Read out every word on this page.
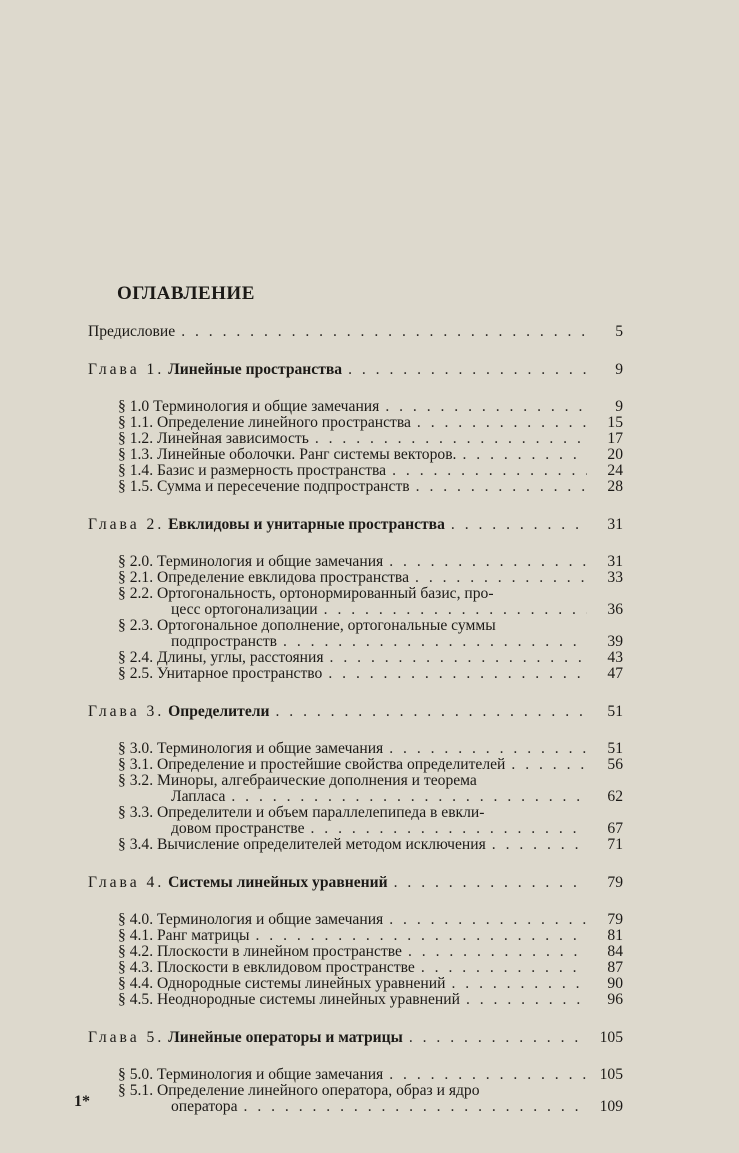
ОГЛАВЛЕНИЕ
Предисловие . . .	5
Глава 1. Линейные пространства . . .	9
§ 1.0 Терминология и общие замечания . . .	9
§ 1.1. Определение линейного пространства . . .	15
§ 1.2. Линейная зависимость . . .	17
§ 1.3. Линейные оболочки. Ранг системы векторов. . . .	20
§ 1.4. Базис и размерность пространства . . .	24
§ 1.5. Сумма и пересечение подпространств . . .	28
Глава 2. Евклидовы и унитарные пространства . . .	31
§ 2.0. Терминология и общие замечания . . .	31
§ 2.1. Определение евклидова пространства . . .	33
§ 2.2. Ортогональность, ортонормированный базис, про-
цесс ортогонализации . . .	36
§ 2.3. Ортогональное дополнение, ортогональные суммы
подпространств . . .	39
§ 2.4. Длины, углы, расстояния . . .	43
§ 2.5. Унитарное пространство . . .	47
Глава 3. Определители . . .	51
§ 3.0. Терминология и общие замечания . . .	51
§ 3.1. Определение и простейшие свойства определителей . . .	56
§ 3.2. Миноры, алгебраические дополнения и теорема
Лапласа . . .	62
§ 3.3. Определители и объем параллелепипеда в евкли-
довом пространстве . . .	67
§ 3.4. Вычисление определителей методом исключения . . .	71
Глава 4. Системы линейных уравнений . . .	79
§ 4.0. Терминология и общие замечания . . .	79
§ 4.1. Ранг матрицы . . .	81
§ 4.2. Плоскости в линейном пространстве . . .	84
§ 4.3. Плоскости в евклидовом пространстве . . .	87
§ 4.4. Однородные системы линейных уравнений . . .	90
§ 4.5. Неоднородные системы линейных уравнений . . .	96
Глава 5. Линейные операторы и матрицы . . .	105
§ 5.0. Терминология и общие замечания . . .	105
§ 5.1. Определение линейного оператора, образ и ядро
оператора . . .	109
1*
